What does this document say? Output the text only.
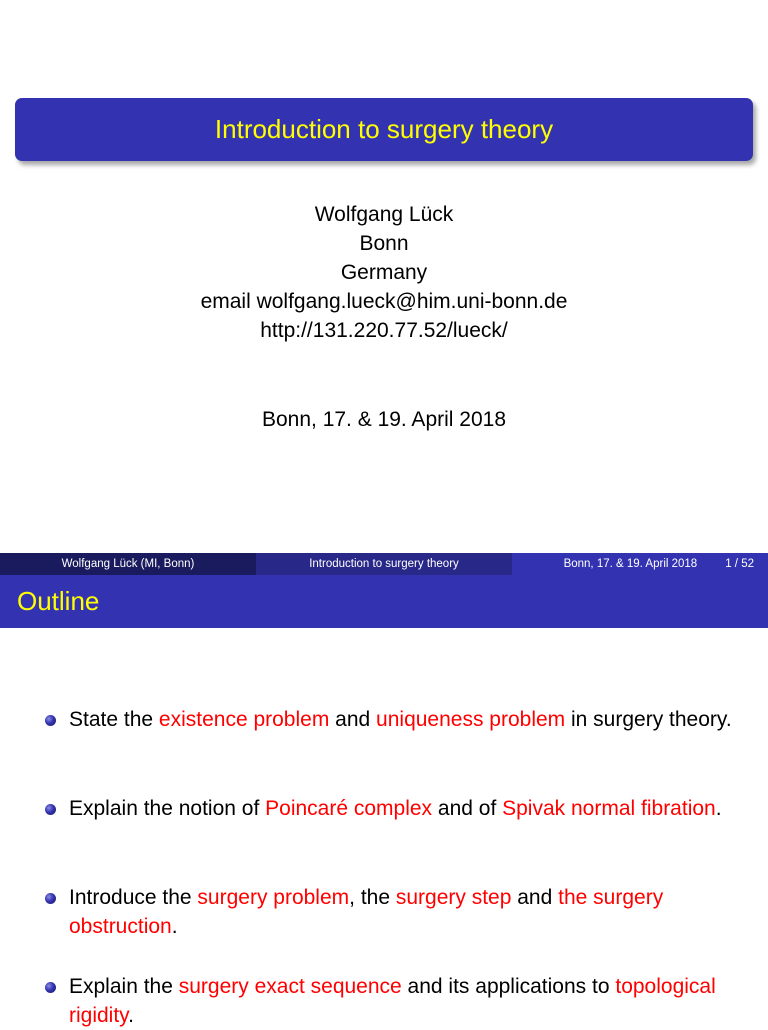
Introduction to surgery theory
Wolfgang Lück
Bonn
Germany
email wolfgang.lueck@him.uni-bonn.de
http://131.220.77.52/lueck/
Bonn, 17. & 19. April 2018
Wolfgang Lück (MI, Bonn)	Introduction to surgery theory	Bonn, 17. & 19. April 2018 1 / 52
Outline
State the existence problem and uniqueness problem in surgery theory.
Explain the notion of Poincaré complex and of Spivak normal fibration.
Introduce the surgery problem, the surgery step and the surgery obstruction.
Explain the surgery exact sequence and its applications to topological rigidity.
